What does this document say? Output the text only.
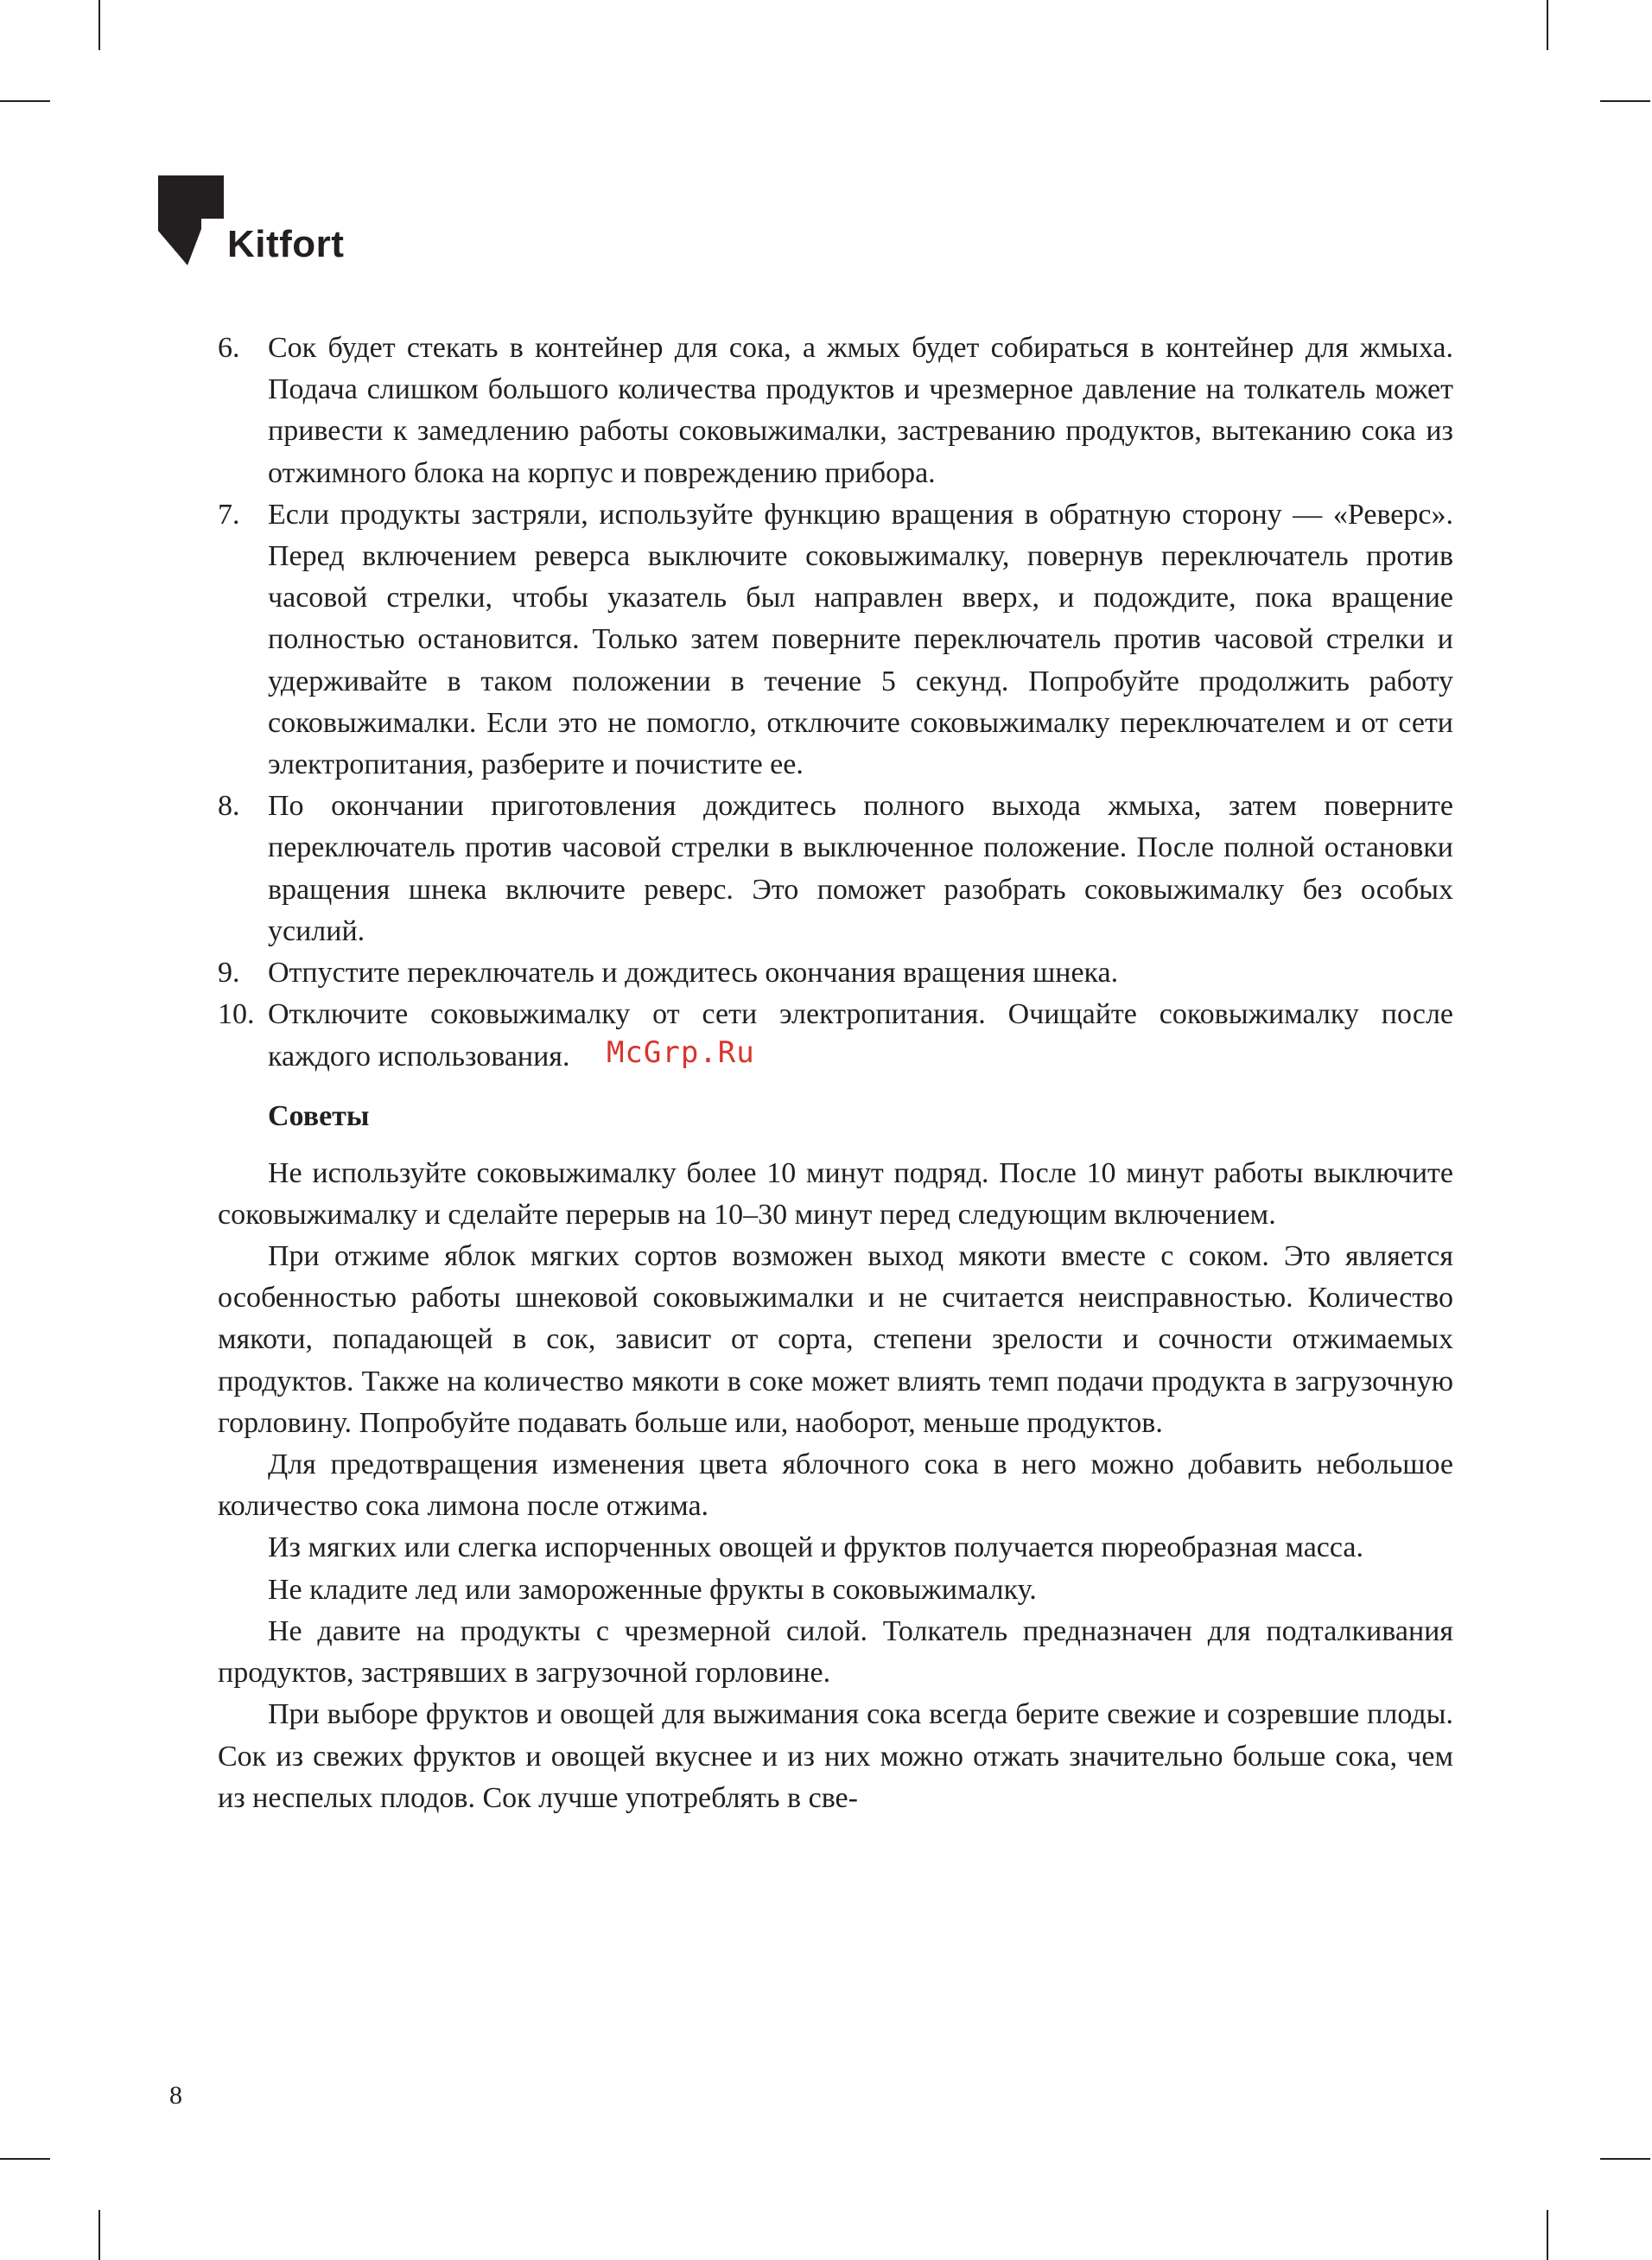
Kitfort
6. Сок будет стекать в контейнер для сока, а жмых будет собираться в контейнер для жмыха. Подача слишком большого количества продуктов и чрезмерное давление на толкатель может привести к замедлению работы соковыжималки, застреванию продуктов, вытеканию сока из отжимного блока на корпус и повреждению прибора.
7. Если продукты застряли, используйте функцию вращения в обратную сторону — «Реверс». Перед включением реверса выключите соковыжималку, повернув переключатель против часовой стрелки, чтобы указатель был направлен вверх, и подождите, пока вращение полностью остановится. Только затем поверните переключатель против часовой стрелки и удерживайте в таком положении в течение 5 секунд. Попробуйте продолжить работу соковыжималки. Если это не помогло, отключите соковыжималку переключателем и от сети электропитания, разберите и почистите ее.
8. По окончании приготовления дождитесь полного выхода жмыха, затем поверните переключатель против часовой стрелки в выключенное положение. После полной остановки вращения шнека включите реверс. Это поможет разобрать соковыжималку без особых усилий.
9. Отпустите переключатель и дождитесь окончания вращения шнека.
10. Отключите соковыжималку от сети электропитания. Очищайте соковыжималку после каждого использования. McGrp.Ru
Советы

Не используйте соковыжималку более 10 минут подряд. После 10 минут работы выключите соковыжималку и сделайте перерыв на 10–30 минут перед следующим включением.

При отжиме яблок мягких сортов возможен выход мякоти вместе с соком. Это является особенностью работы шнековой соковыжималки и не считается неисправностью. Количество мякоти, попадающей в сок, зависит от сорта, степени зрелости и сочности отжимаемых продуктов. Также на количество мякоти в соке может влиять темп подачи продукта в загрузочную горловину. Попробуйте подавать больше или, наоборот, меньше продуктов.

Для предотвращения изменения цвета яблочного сока в него можно добавить небольшое количество сока лимона после отжима.

Из мягких или слегка испорченных овощей и фруктов получается пюреобразная масса.

Не кладите лед или замороженные фрукты в соковыжималку.

Не давите на продукты с чрезмерной силой. Толкатель предназначен для подталкивания продуктов, застрявших в загрузочной горловине.

При выборе фруктов и овощей для выжимания сока всегда берите свежие и созревшие плоды. Сок из свежих фруктов и овощей вкуснее и из них можно отжать значительно больше сока, чем из неспелых плодов. Сок лучше употреблять в све-

8
